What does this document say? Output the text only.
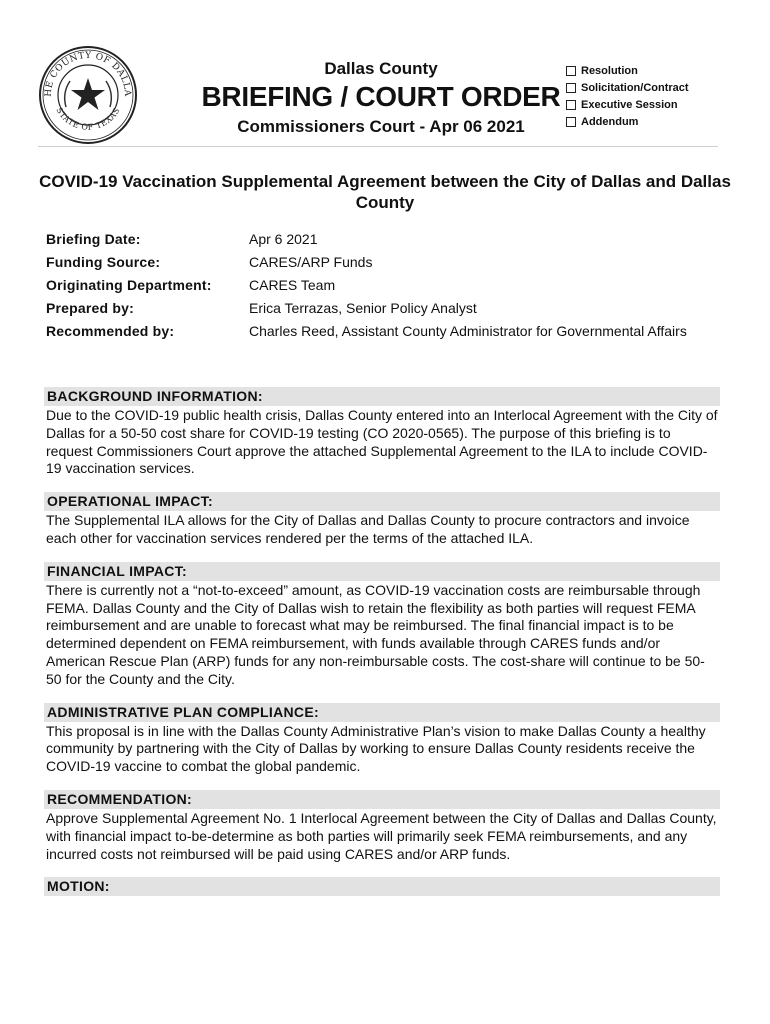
HE COUNTY OF DALLA
STATE OF TEXAS

Dallas County

BRIEFING / COURT ORDER

Commissioners Court - Apr 06 2021

Resolution
Solicitation/Contract
Executive Session
Addendum
COVID-19 Vaccination Supplemental Agreement between the City of Dallas and Dallas County
Briefing Date:	Apr 6 2021
Funding Source:	CARES/ARP Funds
Originating Department:	CARES Team
Prepared by:	Erica Terrazas, Senior Policy Analyst
Recommended by:	Charles Reed, Assistant County Administrator for Governmental Affairs
BACKGROUND INFORMATION:

Due to the COVID-19 public health crisis, Dallas County entered into an Interlocal Agreement with the City of Dallas for a 50-50 cost share for COVID-19 testing (CO 2020-0565). The purpose of this briefing is to request Commissioners Court approve the attached Supplemental Agreement to the ILA to include COVID-19 vaccination services.

OPERATIONAL IMPACT:

The Supplemental ILA allows for the City of Dallas and Dallas County to procure contractors and invoice each other for vaccination services rendered per the terms of the attached ILA.

FINANCIAL IMPACT:

There is currently not a “not-to-exceed” amount, as COVID-19 vaccination costs are reimbursable through FEMA. Dallas County and the City of Dallas wish to retain the flexibility as both parties will request FEMA reimbursement and are unable to forecast what may be reimbursed. The final financial impact is to be determined dependent on FEMA reimbursement, with funds available through CARES funds and/or American Rescue Plan (ARP) funds for any non-reimbursable costs. The cost-share will continue to be 50-50 for the County and the City.

ADMINISTRATIVE PLAN COMPLIANCE:

This proposal is in line with the Dallas County Administrative Plan’s vision to make Dallas County a healthy community by partnering with the City of Dallas by working to ensure Dallas County residents receive the COVID-19 vaccine to combat the global pandemic.

RECOMMENDATION:

Approve Supplemental Agreement No. 1 Interlocal Agreement between the City of Dallas and Dallas County, with financial impact to-be-determine as both parties will primarily seek FEMA reimbursements, and any incurred costs not reimbursed will be paid using CARES and/or ARP funds.

MOTION:
